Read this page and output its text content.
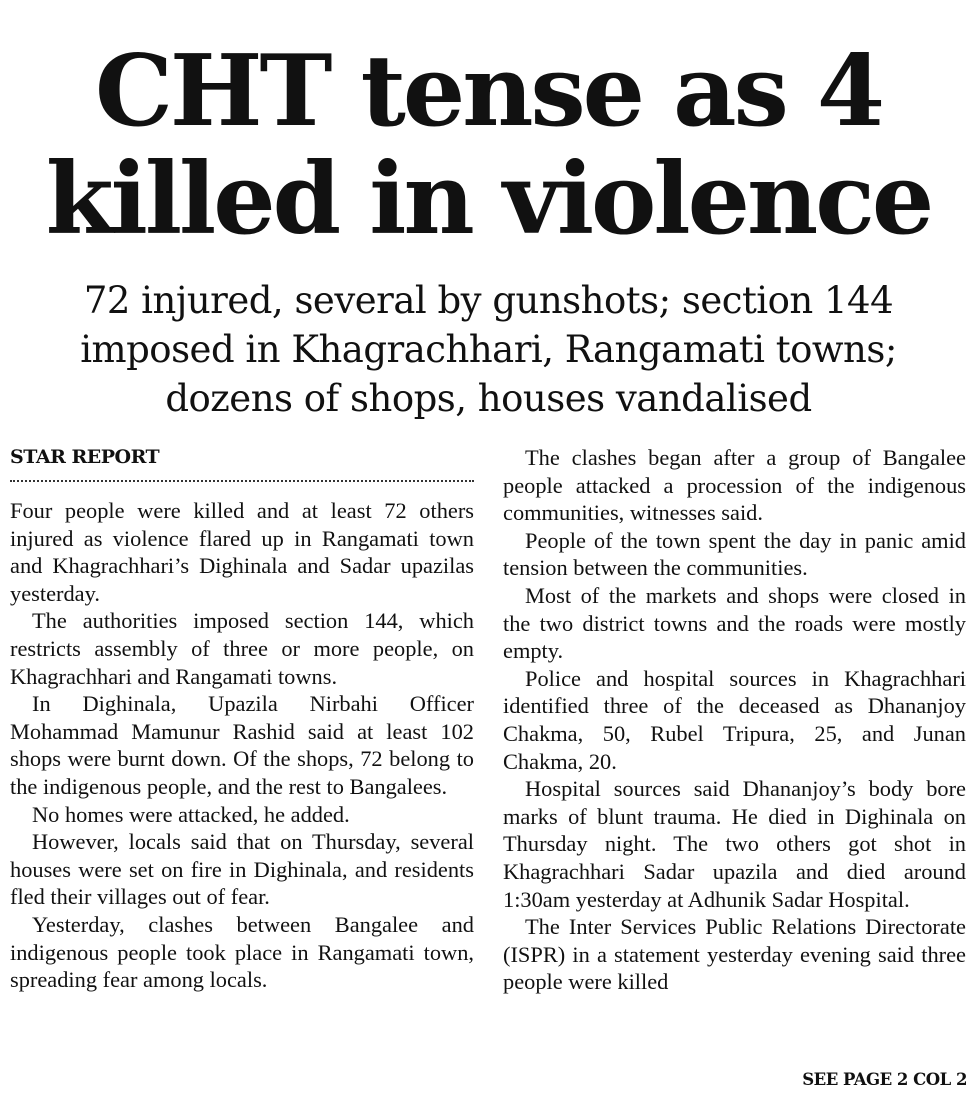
CHT tense as 4
killed in violence
72 injured, several by gunshots; section 144
imposed in Khagrachhari, Rangamati towns;
dozens of shops, houses vandalised
STAR REPORT

Four people were killed and at least 72 others injured as violence flared up in Rangamati town and Khagrachhari’s Dighinala and Sadar upazilas yesterday.

The authorities imposed section 144, which restricts assembly of three or more people, on Khagrachhari and Rangamati towns.

In Dighinala, Upazila Nirbahi Officer Mohammad Mamunur Rashid said at least 102 shops were burnt down. Of the shops, 72 belong to the indigenous people, and the rest to Bangalees.

No homes were attacked, he added.

However, locals said that on Thursday, several houses were set on fire in Dighinala, and residents fled their villages out of fear.

Yesterday, clashes between Bangalee and indigenous people took place in Rangamati town, spreading fear among locals.

The clashes began after a group of Bangalee people attacked a procession of the indigenous communities, witnesses said.

People of the town spent the day in panic amid tension between the communities.

Most of the markets and shops were closed in the two district towns and the roads were mostly empty.

Police and hospital sources in Khagrachhari identified three of the deceased as Dhananjoy Chakma, 50, Rubel Tripura, 25, and Junan Chakma, 20.

Hospital sources said Dhananjoy’s body bore marks of blunt trauma. He died in Dighinala on Thursday night. The two others got shot in Khagrachhari Sadar upazila and died around 1:30am yesterday at Adhunik Sadar Hospital.

The Inter Services Public Relations Directorate (ISPR) in a statement yesterday evening said three people were killed

SEE PAGE 2 COL 2
